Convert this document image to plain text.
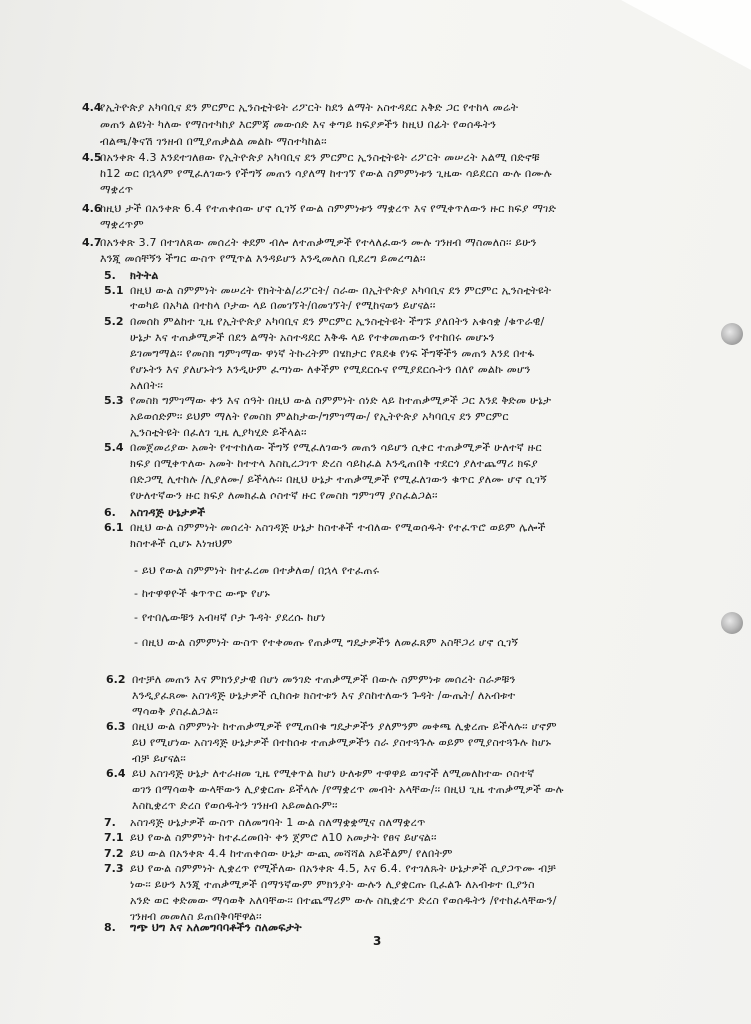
4.4
የኢትዮጵያ አካባቢና ደን ምርምር ኢንስቲትዩት ሪፖርት ከደን ልማት አስተዳደር አቅድ ጋር የተከላ መሬት
መጠን ልዩነት ካለው የማስተካከያ እርምጃ መውሰድ እና ቀጣይ ክፍያዎችን ከዚህ በፊት የወሰዱትን
ብልጫ/ቅናሽ ገንዘብ በሚያጠቃልል መልኩ ማስተካከል፡፡
4.5
በአንቀጽ 4.3 እንደተገለፀው የኢትዮጵያ አካባቢና ደን ምርምር ኢንስቲትዩት ሪፖርት መሠረት አልሚ በድኖቹ
ከ12 ወር በኋላም የሚፈለገውን የችግኝ መጠን ሳያለማ ከተገኘ የውል ስምምነቱን ጊዜው ሳይደርስ ውሉ በሙሉ
ማቋረጥ
4.6
ከዚህ ታች በአንቀጽ 6.4 የተጠቀሰው ሆኖ ሲገኝ የውል ስምምነቱን ማቋረጥ እና የሚቀጥለውን ዙር ክፍያ ማገድ
ማቋረጥም
4.7
በአንቀጽ 3.7 በተገለጸው መሰረት ቀደም ብሎ ለተጠቃሚዎች የተላለፈውን ሙሉ ገንዘብ ማስመለስ፡፡ ይሁን
እንጂ መሰቸኝን ችግር ውስጥ የሚጥል እንዳይሆን እንዲመለስ ቢደረግ ይመረጣል፡፡
5. ክትትል
5.1 በዚህ ውል ስምምነት መሠረት የክትትል/ሪፖርት/ ስራው በኢትዮጵያ አካባቢና ደን ምርምር ኢንስቲትዩት
ተወካይ በአካል በተከላ ቦታው ላይ በመገኘት/በመገኘት/ የሚከናወን ይሆናል፡፡
5.2 በመሰከ ምልከተ ጊዜ የኢትዮጵያ አካባቢና ደን ምርምር ኢንስቲትዩት ችግኙ ያለበትን አቁሳቋ /ቁጥራዊ/
ሁኔታ እና ተጠቃሚዎች በደን ልማት አስተዳደር እቅዱ ላይ የተቀመጠውን የተከበሩ መሆኑን
ይገመግማል፡፡ የመስክ ግምገማው ዋነኛ ትኩረትም በሄክታር የጸደቁ የነፍ ችግኞችን መጠን እንደ በተፋ
የሆኑትን እና ያለሆኑትን እንዲሁም ፈጣነው ለቀችም የሚደርሱና የሚያደርሱትን በለየ መልኩ መሆን
አለበት፡፡
5.3 የመስክ ግምገማው ቀን እና ሰዓት በዚህ ውል ስምምነት ሰነድ ላይ ከተጠቃሚዎች ጋር እንደ ቅድመ ሁኔታ
አይወሰድም፡፡ ይህም ማለት የመስክ ምልከታው/ግምገማው/ የኢትዮጵያ አካባቢና ደን ምርምር
ኢንስቲትዩት በፈለገ ጊዜ ሊያካሂድ ይችላል፡፡
5.4 በመጀመሪያው አመት የተተከለው ችግኝ የሚፈለገውን መጠን ሳይሆን ሲቀር ተጠቃሚዎች ሁለተኛ ዙር
ክፍያ በሚቀጥለው አመት ከተተላ እስኪረጋገጥ ድረስ ሳይከፈል እንዲጠበቅ ተደርጎ ያለተጨማሪ ክፍያ
በድጋሚ ሊተከሉ /ሊያለሙ/ ይችላሉ፡፡ በዚህ ሁኔታ ተጠቃሚዎች የሚፈለገውን ቁጥር ያለሙ ሆኖ ሲገኝ
የሁለተኛውን ዙር ክፍያ ለመክፈል ሶስተኛ ዙር የመስክ ግምገማ ያስፈልጋል፡፡
6. አስገዳጅ ሁኔታዎች
6.1 በዚህ ውል ስምምነት መሰረት አስገዳጅ ሁኔታ ከስተቶች ተብለው የሚወሰዱት የተፈጥሮ ወይም ሌሎች
ክስተቶች ሲሆኑ እነዝህም
- ይህ የውል ስምምነት ከተፈረመ በተቃለወ/ በኋላ የተፈጠሩ
- ከተዋዋዮች ቁጥጥር ውጭ የሆኑ
- የተበሌውቹን አብዛኛ ቦታ ጉዳት ያደረሱ ከሆነ
- በዚህ ውል ስምምነት ውስጥ የተቀመጡ የጠቃሚ ግዴታዎችን ለመፈጸም አስቸጋሪ ሆኖ ሲገኝ
6.2 በተቻለ መጠን እና ምክንያታዊ በሆነ መንገድ ተጠቃሚዎች በውሉ ስምምነቱ መሰረት ስራዎቹን
እንዲያፈጸሙ አስገዳጅ ሁኔታዎች ሲከሰቱ ክስተቱን እና ያስከተለውን ጉዳት /ውጤት/ ለአብቱተ
ማሳወቅ ያስፈልጋል፡፡
6.3 በዚህ ውል ስምምነት ከተጠቃሚዎች የሚጠበቁ ግዴታዎችን ያለምንም መቀጫ ሊቋረጡ ይችላሉ፡፡ ሆኖም
ይህ የሚሆነው አስገዳጅ ሁኔታዎች በተከሰቱ ተጠቃሚዎችን ስራ ያስተጓጉሉ ወይም የሚያስተጓጉሉ ከሆኑ
ብቻ ይሆናል፡፡
6.4 ይህ አስገዳጅ ሁኔታ ለተራዘመ ጊዜ የሚቀጥል ከሆነ ሁለቱም ተዋዋይ ወገኖች ለሚመለከተው ሶስተኛ
ወገን በማሳወቅ ውላቸውን ሊያቋርጡ ይችላሉ /የማቋረጥ መብት አላቸው/፡፡ በዚህ ጊዜ ተጠቃሚዎች ውሉ
እስኪቋረጥ ድረስ የወሰዱትን ገንዘብ አይመልሱም፡፡
7. አስገዳጅ ሁኔታዎች ውስጥ ስለመግባት 1 ውል ስለማቋቋሚና ስለማቋረጥ
7.1 ይህ የውል ስምምነት ከተፈረመበት ቀን ጀምሮ ለ10 አመታት የፀና ይሆናል፡፡
7.2 ይህ ውል በአንቀጽ 4.4 ከተጠቀሰው ሁኔታ ውጪ መሻሻል አይችልም/ የለበትም
7.3 ይህ የውል ስምምነት ሊቋረጥ የሚችለው በአንቀጽ 4.5, እና 6.4. የተገለጹት ሁኔታዎች ሲያጋጥሙ ብቻ
ነው፡፡ ይሁን እንጂ ተጠቃሚዎች በማንኛውም ምክንያት ውሉን ሊያቋርጡ ቢፈልጉ ለአብቱተ ቢያንስ
አንድ ወር ቀድመው ማሳወቅ አለባቸው፡፡ በተጨማሪም ውሉ ስኪቋረጥ ድረስ የወሰዱትን /የተከፈላቸውን/
ገንዘብ መመለስ ይጠበቅባቸዋል፡፡
8. ግጭ ህግ እና አለመግባባቶችን ስለመፍታት
3
